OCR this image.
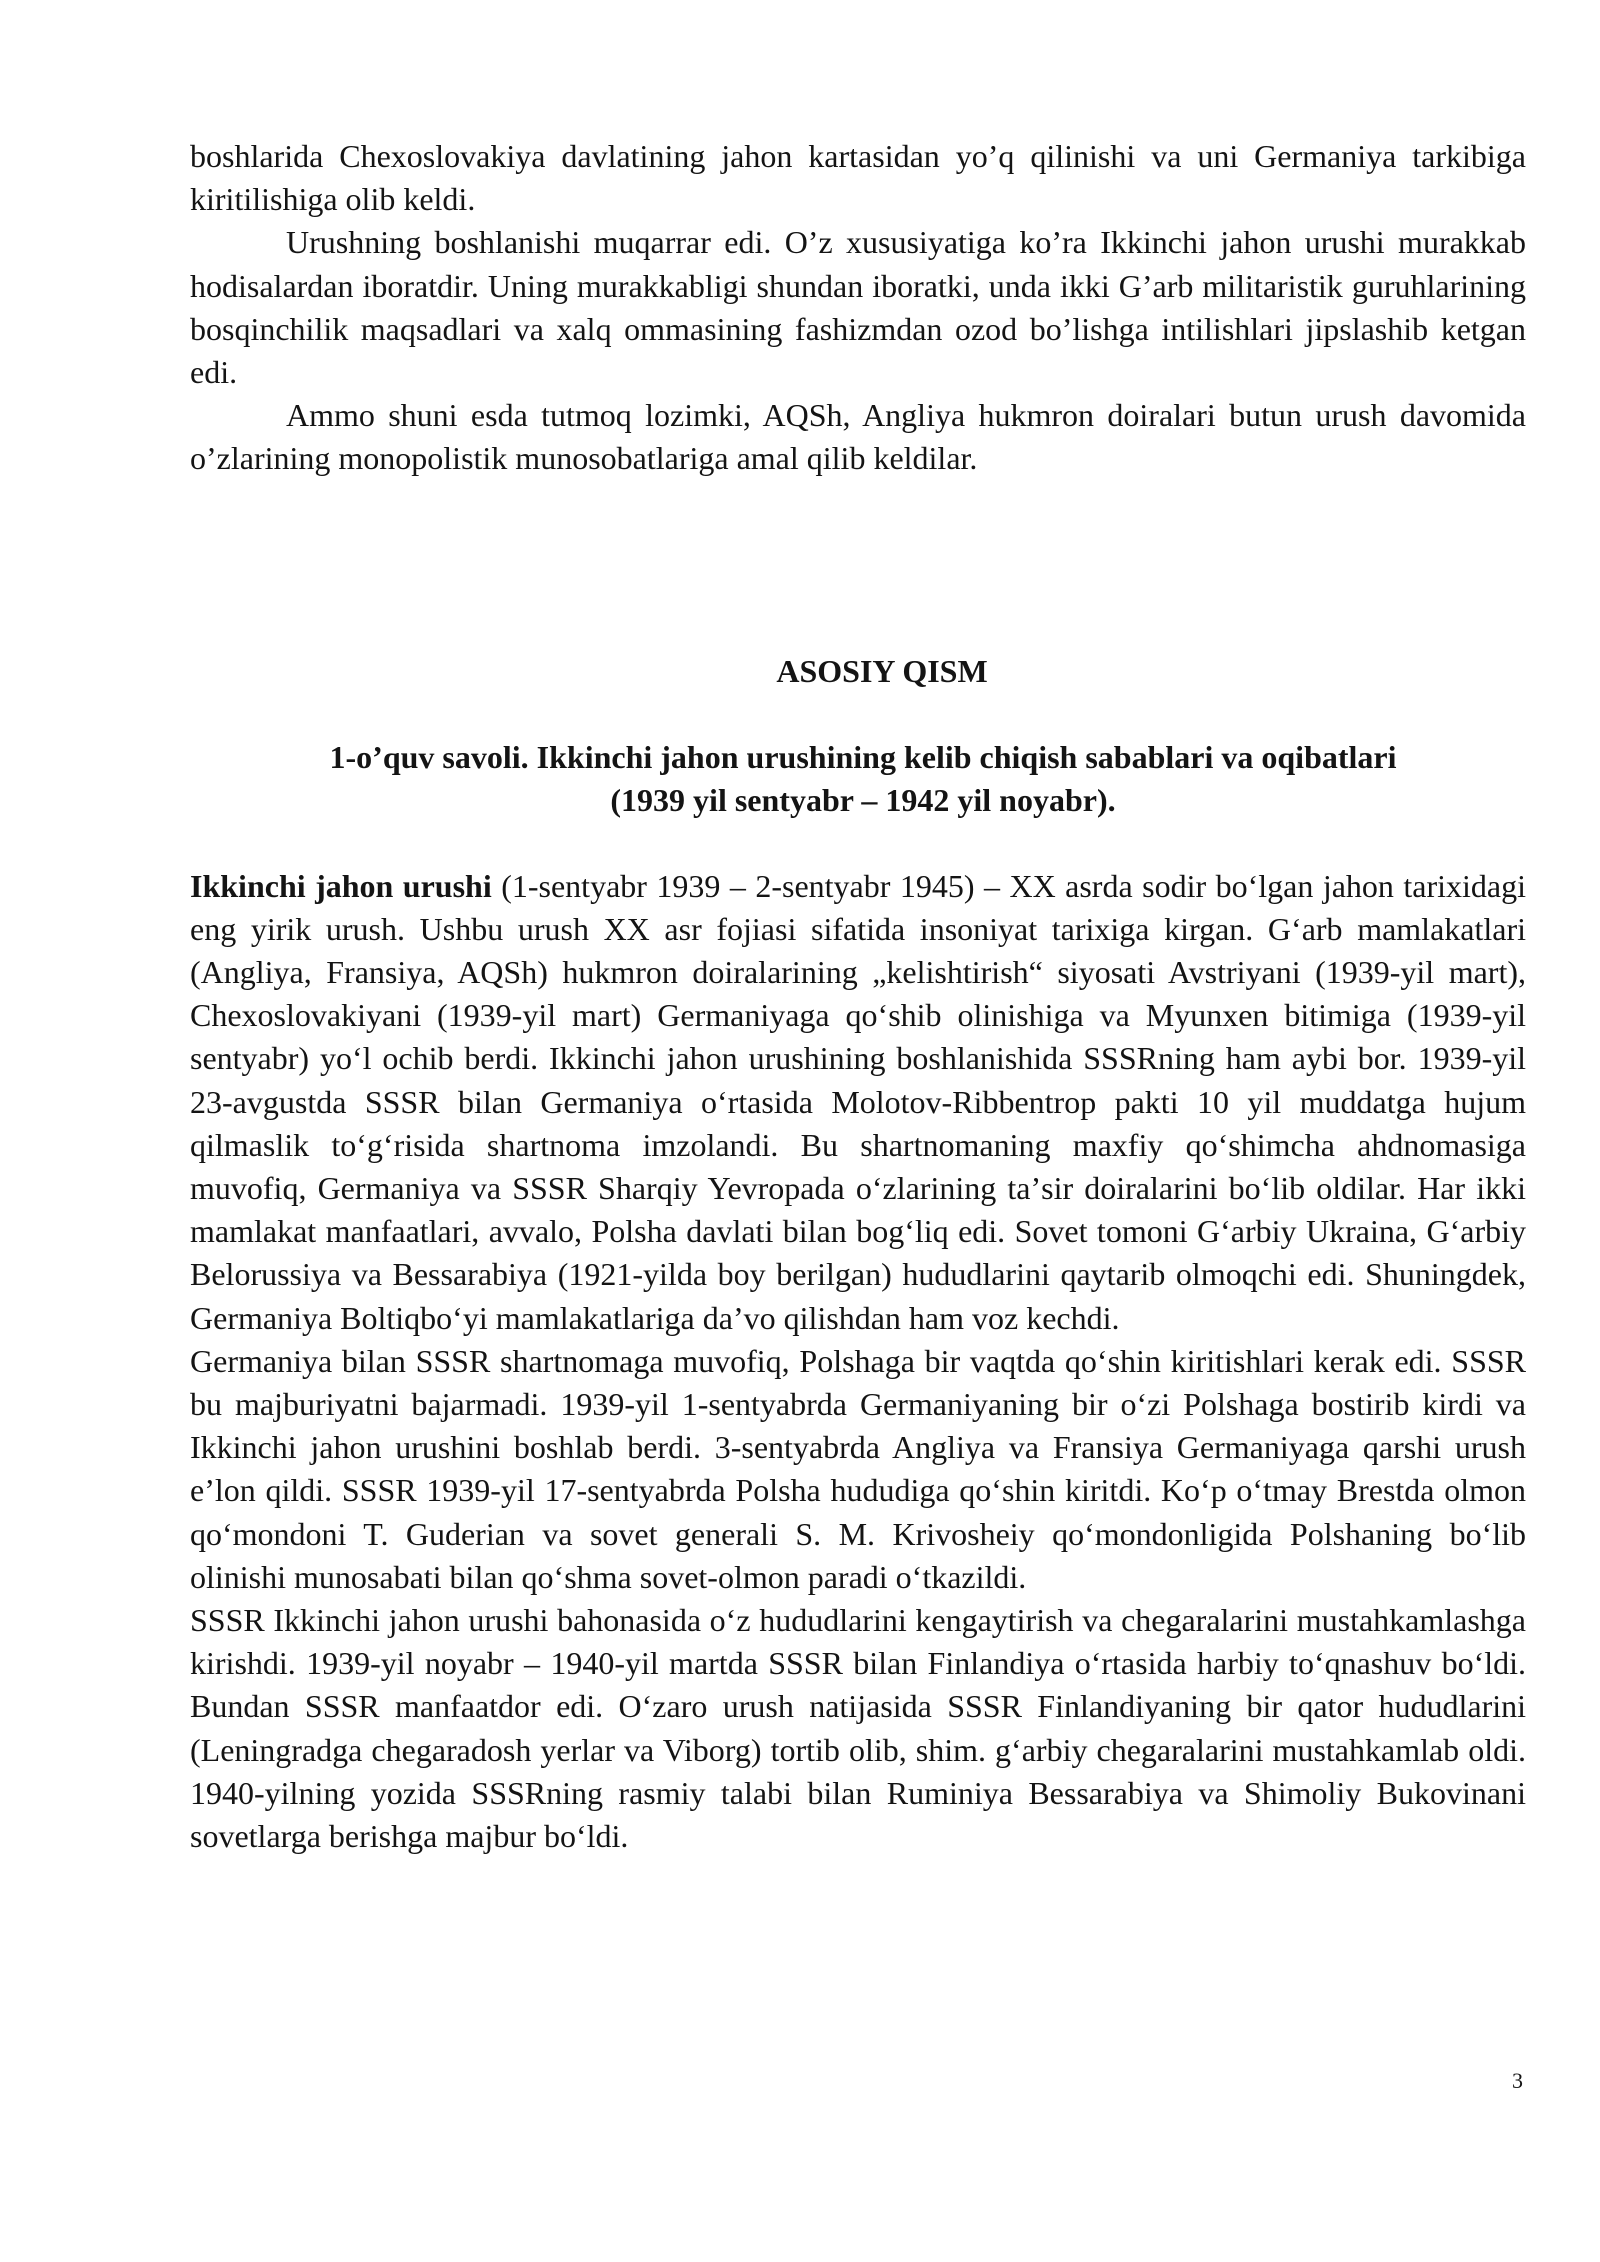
boshlarida Chexoslovakiya davlatining jahon kartasidan yo’q qilinishi va uni Germaniya tarkibiga kiritilishiga olib keldi.

Urushning boshlanishi muqarrar edi. O’z xususiyatiga ko’ra Ikkinchi jahon urushi murakkab hodisalardan iboratdir. Uning murakkabligi shundan iboratki, unda ikki G’arb militaristik guruhlarining bosqinchilik maqsadlari va xalq ommasining fashizmdan ozod bo’lishga intilishlari jipslashib ketgan edi.

Ammo shuni esda tutmoq lozimki, AQSh, Angliya hukmron doiralari butun urush davomida o’zlarining monopolistik munosobatlariga amal qilib keldilar.

ASOSIY QISM
1-o’quv savoli. Ikkinchi jahon urushining kelib chiqish sabablari va oqibatlari
(1939 yil sentyabr – 1942 yil noyabr).

Ikkinchi jahon urushi (1-sentyabr 1939 – 2-sentyabr 1945) – XX asrda sodir boʻlgan jahon tarixidagi eng yirik urush. Ushbu urush XX asr fojiasi sifatida insoniyat tarixiga kirgan. Gʻarb mamlakatlari (Angliya, Fransiya, AQSh) hukmron doiralarining „kelishtirish“ siyosati Avstriyani (1939-yil mart), Chexoslovakiyani (1939-yil mart) Germaniyaga qoʻshib olinishiga va Myunxen bitimiga (1939-yil sentyabr) yoʻl ochib berdi. Ikkinchi jahon urushining boshlanishida SSSRning ham aybi bor. 1939-yil 23-avgustda SSSR bilan Germaniya oʻrtasida Molotov-Ribbentrop pakti 10 yil muddatga hujum qilmaslik toʻgʻrisida shartnoma imzolandi. Bu shartnomaning maxfiy qoʻshimcha ahdnomasiga muvofiq, Germaniya va SSSR Sharqiy Yevropada oʻzlarining taʼsir doiralarini boʻlib oldilar. Har ikki mamlakat manfaatlari, avvalo, Polsha davlati bilan bogʻliq edi. Sovet tomoni Gʻarbiy Ukraina, Gʻarbiy Belorussiya va Bessarabiya (1921-yilda boy berilgan) hududlarini qaytarib olmoqchi edi. Shuningdek, Germaniya Boltiqboʻyi mamlakatlariga daʼvo qilishdan ham voz kechdi.

Germaniya bilan SSSR shartnomaga muvofiq, Polshaga bir vaqtda qoʻshin kiritishlari kerak edi. SSSR bu majburiyatni bajarmadi. 1939-yil 1-sentyabrda Germaniyaning bir oʻzi Polshaga bostirib kirdi va Ikkinchi jahon urushini boshlab berdi. 3-sentyabrda Angliya va Fransiya Germaniyaga qarshi urush e’lon qildi. SSSR 1939-yil 17-sentyabrda Polsha hududiga qoʻshin kiritdi. Koʻp oʻtmay Brestda olmon qoʻmondoni T. Guderian va sovet generali S. M. Krivosheiy qoʻmondonligida Polshaning boʻlib olinishi munosabati bilan qoʻshma sovet-olmon paradi oʻtkazildi.

SSSR Ikkinchi jahon urushi bahonasida oʻz hududlarini kengaytirish va chegaralarini mustahkamlashga kirishdi. 1939-yil noyabr – 1940-yil martda SSSR bilan Finlandiya oʻrtasida harbiy toʻqnashuv boʻldi. Bundan SSSR manfaatdor edi. Oʻzaro urush natijasida SSSR Finlandiyaning bir qator hududlarini (Leningradga chegaradosh yerlar va Viborg) tortib olib, shim. gʻarbiy chegaralarini mustahkamlab oldi. 1940-yilning yozida SSSRning rasmiy talabi bilan Ruminiya Bessarabiya va Shimoliy Bukovinani sovetlarga berishga majbur boʻldi.

3
